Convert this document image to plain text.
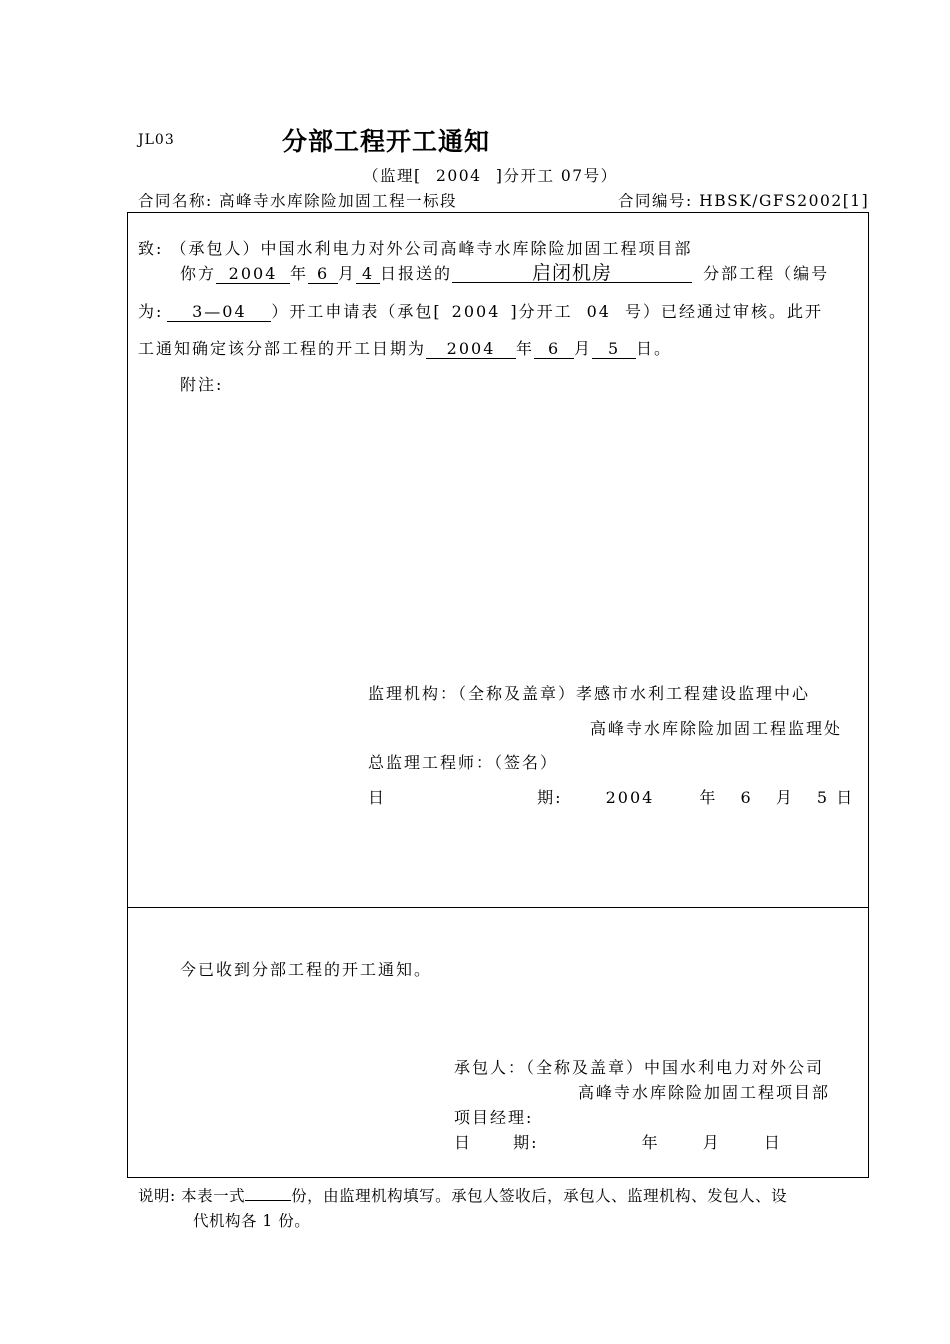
JL03	分部工程开工通知
（监理[ 2004 ]分开工 07号）
合同名称: 高峰寺水库除险加固工程一标段	合同编号: HBSK/GFS2002[1]
致: （承包人）中国水利电力对外公司高峰寺水库除险加固工程项目部
你方 2004 年 6 月 4 日报送的	启闭机房	分部工程（编号
为: 3—04 ）开工申请表（承包[ 2004 ]分开工 04 号）已经通过审核。此开
工通知确定该分部工程的开工日期为 2004 年 6 月 5 日。
附注:
监理机构：（全称及盖章）孝感市水利工程建设监理中心
高峰寺水库除险加固工程监理处
总监理工程师：（签名）
日	期:	2004	年 6 月 5 日
今已收到分部工程的开工通知。
承包人：（全称及盖章）中国水利电力对外公司
高峰寺水库除险加固工程项目部
项目经理:
日	期:	年	月	日
说明: 本表一式	份，由监理机构填写。承包人签收后，承包人、监理机构、发包人、设
代机构各 1 份。
